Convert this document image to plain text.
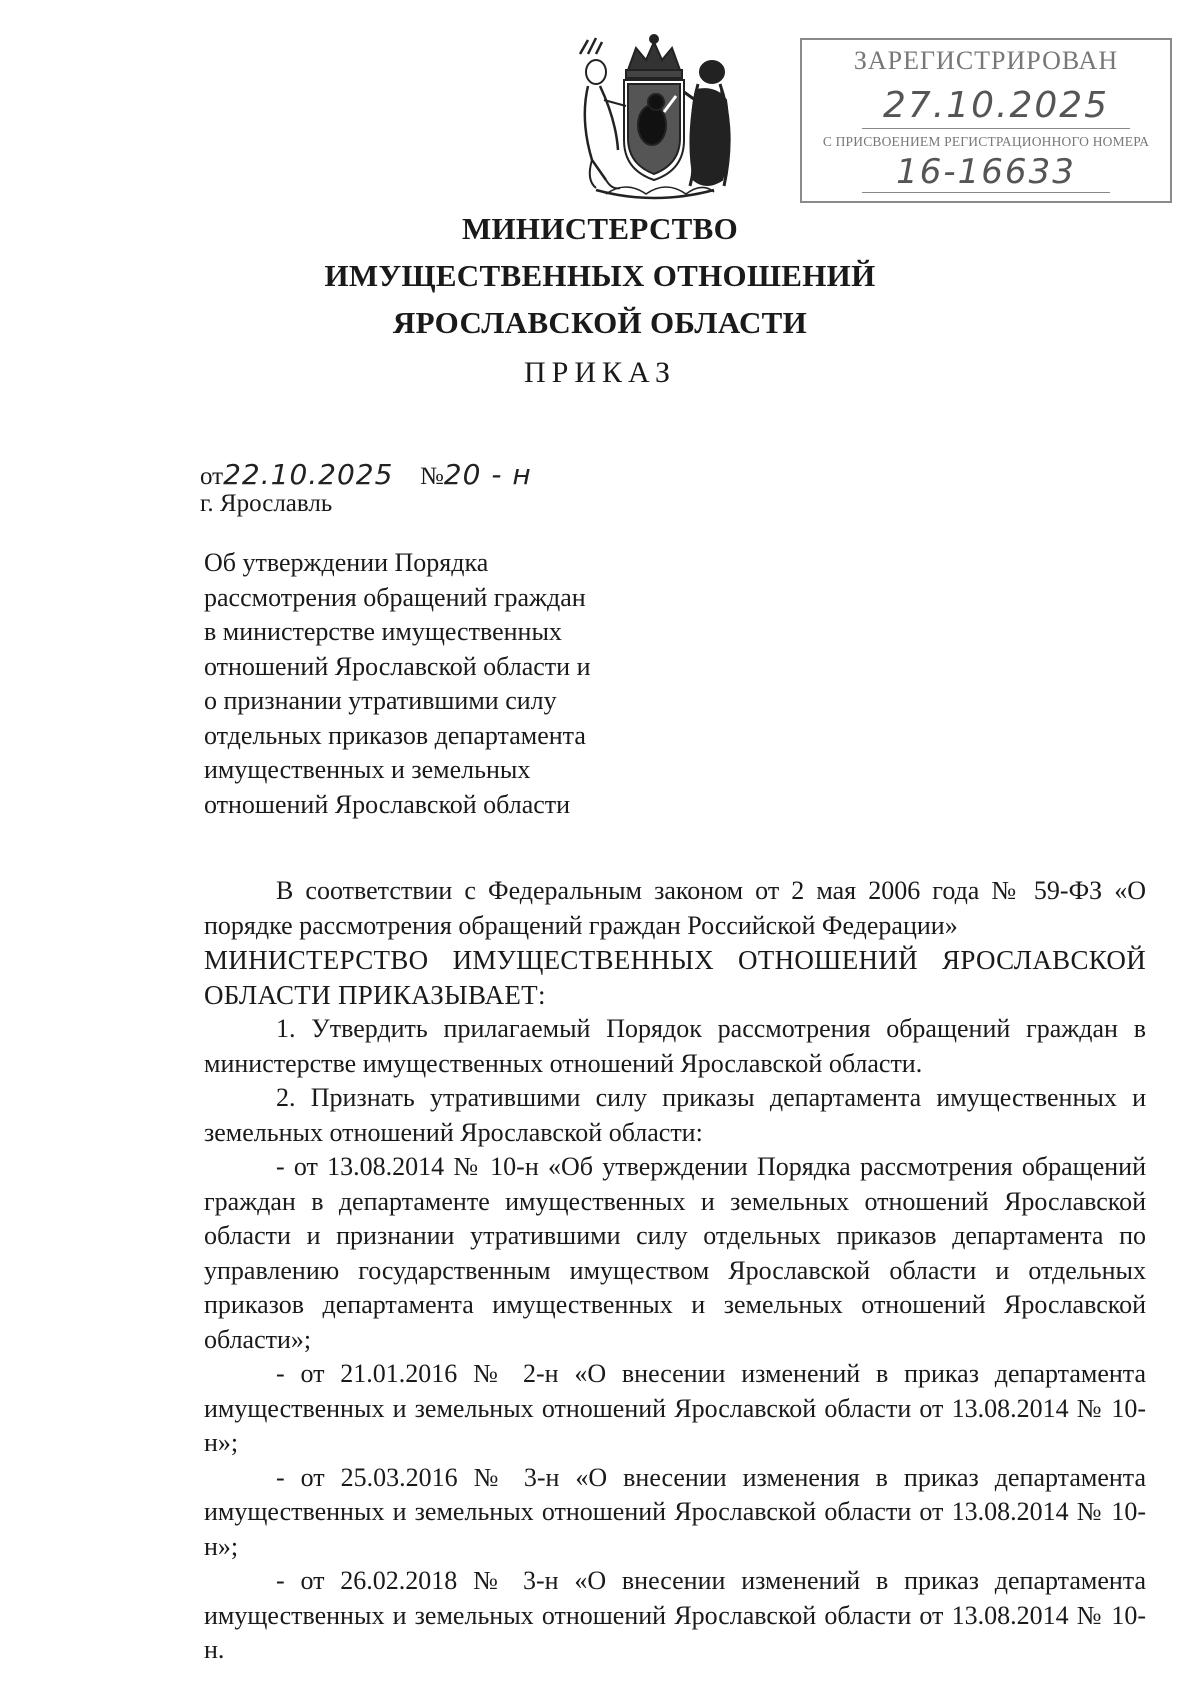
ЗАРЕГИСТРИРОВАН
27.10.2025
С ПРИСВОЕНИЕМ РЕГИСТРАЦИОННОГО НОМЕРА
16-16633
МИНИСТЕРСТВО
ИМУЩЕСТВЕННЫХ ОТНОШЕНИЙ
ЯРОСЛАВСКОЙ ОБЛАСТИ
ПРИКАЗ
от22.10.2025 №20 - н
г. Ярославль
Об утверждении Порядка
рассмотрения обращений граждан
в министерстве имущественных
отношений Ярославской области и
о признании утратившими силу
отдельных приказов департамента
имущественных и земельных
отношений Ярославской области

В соответствии с Федеральным законом от 2 мая 2006 года № 59-ФЗ «О порядке рассмотрения обращений граждан Российской Федерации»

МИНИСТЕРСТВО ИМУЩЕСТВЕННЫХ ОТНОШЕНИЙ ЯРОСЛАВСКОЙ ОБЛАСТИ ПРИКАЗЫВАЕТ:

1. Утвердить прилагаемый Порядок рассмотрения обращений граждан в министерстве имущественных отношений Ярославской области.

2. Признать утратившими силу приказы департамента имущественных и земельных отношений Ярославской области:

- от 13.08.2014 № 10-н «Об утверждении Порядка рассмотрения обращений граждан в департаменте имущественных и земельных отношений Ярославской области и признании утратившими силу отдельных приказов департамента по управлению государственным имуществом Ярославской области и отдельных приказов департамента имущественных и земельных отношений Ярославской области»;

- от 21.01.2016 № 2-н «О внесении изменений в приказ департамента имущественных и земельных отношений Ярославской области от 13.08.2014 № 10-н»;

- от 25.03.2016 № 3-н «О внесении изменения в приказ департамента имущественных и земельных отношений Ярославской области от 13.08.2014 № 10-н»;

- от 26.02.2018 № 3-н «О внесении изменений в приказ департамента имущественных и земельных отношений Ярославской области от 13.08.2014 № 10-н.
